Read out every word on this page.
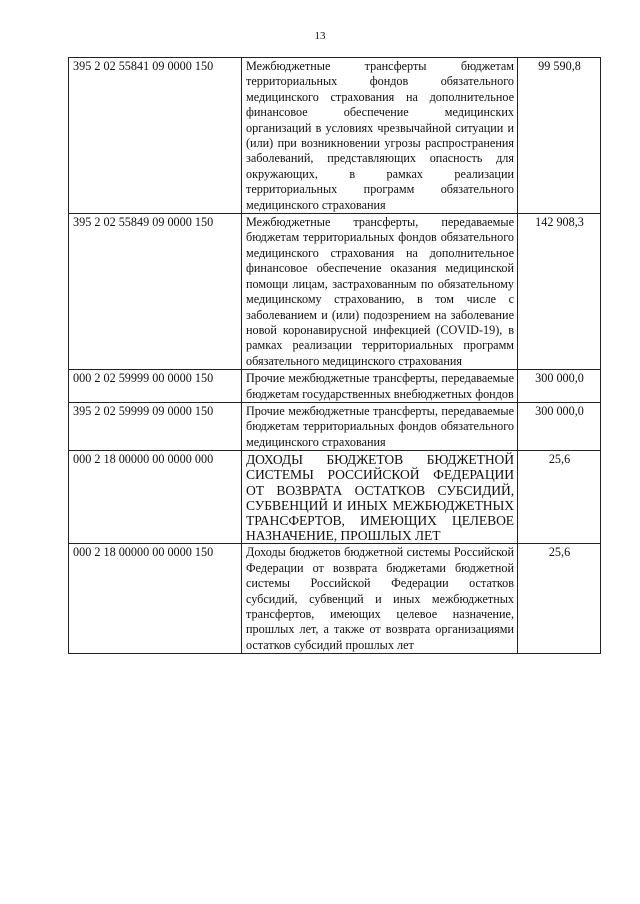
13
395 2 02 55841 09 0000 150	Межбюджетные трансферты бюджетам территориальных фондов обязательного медицинского страхования на дополнительное финансовое обеспечение медицинских организаций в условиях чрезвычайной ситуации и (или) при возникновении угрозы распространения заболеваний, представляющих опасность для окружающих, в рамках реализации территориальных программ обязательного медицинского страхования	99 590,8
395 2 02 55849 09 0000 150	Межбюджетные трансферты, передаваемые бюджетам территориальных фондов обязательного медицинского страхования на дополнительное финансовое обеспечение оказания медицинской помощи лицам, застрахованным по обязательному медицинскому страхованию, в том числе с заболеванием и (или) подозрением на заболевание новой коронавирусной инфекцией (COVID-19), в рамках реализации территориальных программ обязательного медицинского страхования	142 908,3
000 2 02 59999 00 0000 150	Прочие межбюджетные трансферты, передаваемые бюджетам государственных внебюджетных фондов	300 000,0
395 2 02 59999 09 0000 150	Прочие межбюджетные трансферты, передаваемые бюджетам территориальных фондов обязательного медицинского страхования	300 000,0
000 2 18 00000 00 0000 000	ДОХОДЫ БЮДЖЕТОВ БЮДЖЕТНОЙ СИСТЕМЫ РОССИЙСКОЙ ФЕДЕРАЦИИ ОТ ВОЗВРАТА ОСТАТКОВ СУБСИДИЙ, СУБВЕНЦИЙ И ИНЫХ МЕЖБЮДЖЕТНЫХ ТРАНСФЕРТОВ, ИМЕЮЩИХ ЦЕЛЕВОЕ НАЗНАЧЕНИЕ, ПРОШЛЫХ ЛЕТ	25,6
000 2 18 00000 00 0000 150	Доходы бюджетов бюджетной системы Российской Федерации от возврата бюджетами бюджетной системы Российской Федерации остатков субсидий, субвенций и иных межбюджетных трансфертов, имеющих целевое назначение, прошлых лет, а также от возврата организациями остатков субсидий прошлых лет	25,6
